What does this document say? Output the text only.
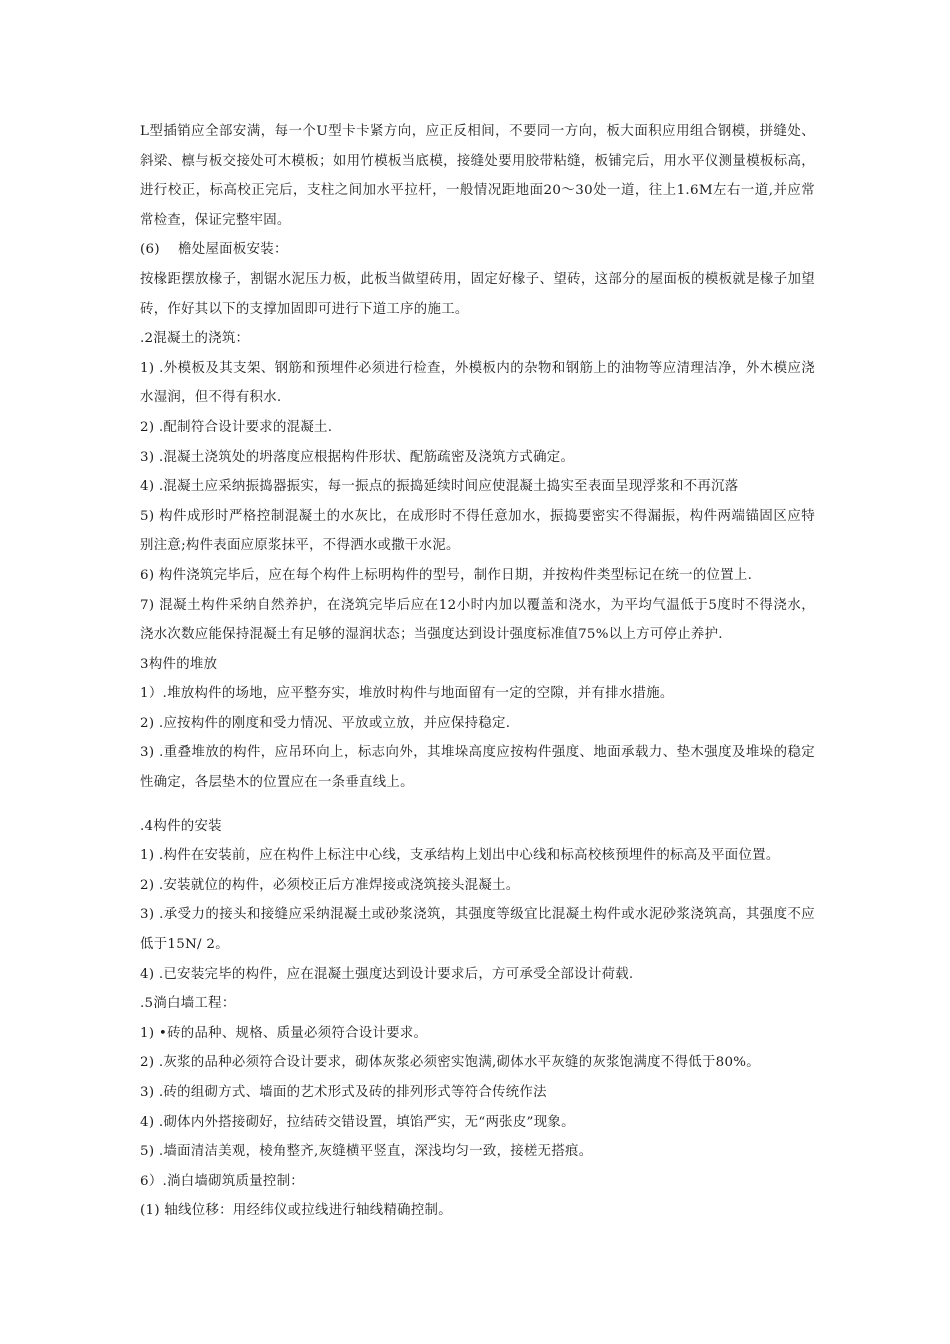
L型插销应全部安满，每一个U型卡卡紧方向，应正反相间，不要同一方向，板大面积应用组合钢模，拼缝处、斜梁、檩与板交接处可木模板；如用竹模板当底模，接缝处要用胶带粘缝，板铺完后，用水平仪测量模板标高，进行校正，标高校正完后，支柱之间加水平拉杆，一般情况距地面20〜30处一道，往上1.6M左右一道,并应常常检查，保证完整牢固。

(6)　 檐处屋面板安装：

按椽距摆放椽子，割锯水泥压力板，此板当做望砖用，固定好椽子、望砖，这部分的屋面板的模板就是椽子加望砖，作好其以下的支撑加固即可进行下道工序的施工。

.2混凝土的浇筑：

1) .外模板及其支架、钢筋和预埋件必须进行检查，外模板内的杂物和钢筋上的油物等应清理洁净，外木模应浇水湿润，但不得有积水.

2) .配制符合设计要求的混凝土.

3) .混凝土浇筑处的坍落度应根据构件形状、配筋疏密及浇筑方式确定。

4) .混凝土应采纳振捣器振实，每一振点的振捣延续时间应使混凝土捣实至表面呈现浮浆和不再沉落

5) 构件成形时严格控制混凝土的水灰比，在成形时不得任意加水，振捣要密实不得漏振，构件两端锚固区应特别注意;构件表面应原浆抹平，不得洒水或撒干水泥。

6) 构件浇筑完毕后，应在每个构件上标明构件的型号，制作日期，并按构件类型标记在统一的位置上.

7) 混凝土构件采纳自然养护，在浇筑完毕后应在12小时内加以覆盖和浇水，为平均气温低于5度时不得浇水，浇水次数应能保持混凝土有足够的湿润状态；当强度达到设计强度标准值75%以上方可停止养护.

3构件的堆放

1）.堆放构件的场地，应平整夯实，堆放时构件与地面留有一定的空隙，并有排水措施。

2) .应按构件的刚度和受力情况、平放或立放，并应保持稳定.

3) .重叠堆放的构件，应吊环向上，标志向外，其堆垛高度应按构件强度、地面承载力、垫木强度及堆垛的稳定性确定，各层垫木的位置应在一条垂直线上。

.4构件的安装

1) .构件在安装前，应在构件上标注中心线，支承结构上划出中心线和标高校核预埋件的标高及平面位置。

2) .安装就位的构件，必须校正后方准焊接或浇筑接头混凝土。

3) .承受力的接头和接缝应采纳混凝土或砂浆浇筑，其强度等级宜比混凝土构件或水泥砂浆浇筑高，其强度不应低于15N/ 2。

4) .已安装完毕的构件，应在混凝土强度达到设计要求后，方可承受全部设计荷载.

.5淌白墙工程：

1) •砖的品种、规格、质量必须符合设计要求。

2) .灰浆的品种必须符合设计要求，砌体灰浆必须密实饱满,砌体水平灰缝的灰浆饱满度不得低于80%。

3) .砖的组砌方式、墙面的艺术形式及砖的排列形式等符合传统作法

4) .砌体内外搭接砌好，拉结砖交错设置，填馅严实，无“两张皮”现象。

5) .墙面清洁美观，棱角整齐,灰缝横平竖直，深浅均匀一致，接槎无搭痕。

6）.淌白墙砌筑质量控制：

(1) 轴线位移：用经纬仪或拉线进行轴线精确控制。
